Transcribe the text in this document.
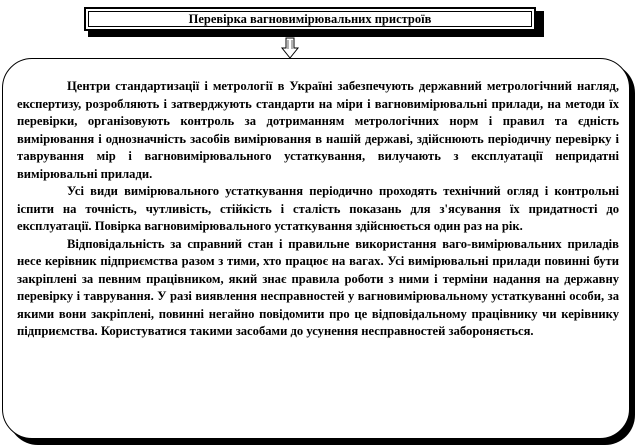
Перевірка вагновимірювальних пристроїв

Центри стандартизації і метрології в Україні забезпечують державний метрологічний нагляд, експертизу, розробляють і затверджують стандарти на міри і вагновимірювальні прилади, на методи їх перевірки, організовують контроль за дотриманням метрологічних норм і правил та єдність вимірювання і однозначність засобів вимірювання в нашій державі, здійснюють періодичну перевірку і таврування мір і вагновимірювального устаткування, вилучають з експлуатації непридатні вимірювальні прилади.

Усі види вимірювального устаткування періодично проходять технічний огляд і контрольні іспити на точність, чутливість, стійкість і сталість показань для з'ясування їх придатності до експлуатації. Повірка вагновимірювального устаткування здійснюється один раз на рік.

Відповідальність за справний стан і правильне використання ваго-вимірювальних приладів несе керівник підприємства разом з тими, хто працює на вагах. Усі вимірювальні прилади повинні бути закріплені за певним працівником, який знає правила роботи з ними і терміни надання на державну перевірку і таврування. У разі виявлення несправностей у вагновимірювальному устаткуванні особи, за якими вони закріплені, повинні негайно повідомити про це відповідальному працівнику чи керівнику підприємства. Користуватися такими засобами до усунення несправностей забороняється.
